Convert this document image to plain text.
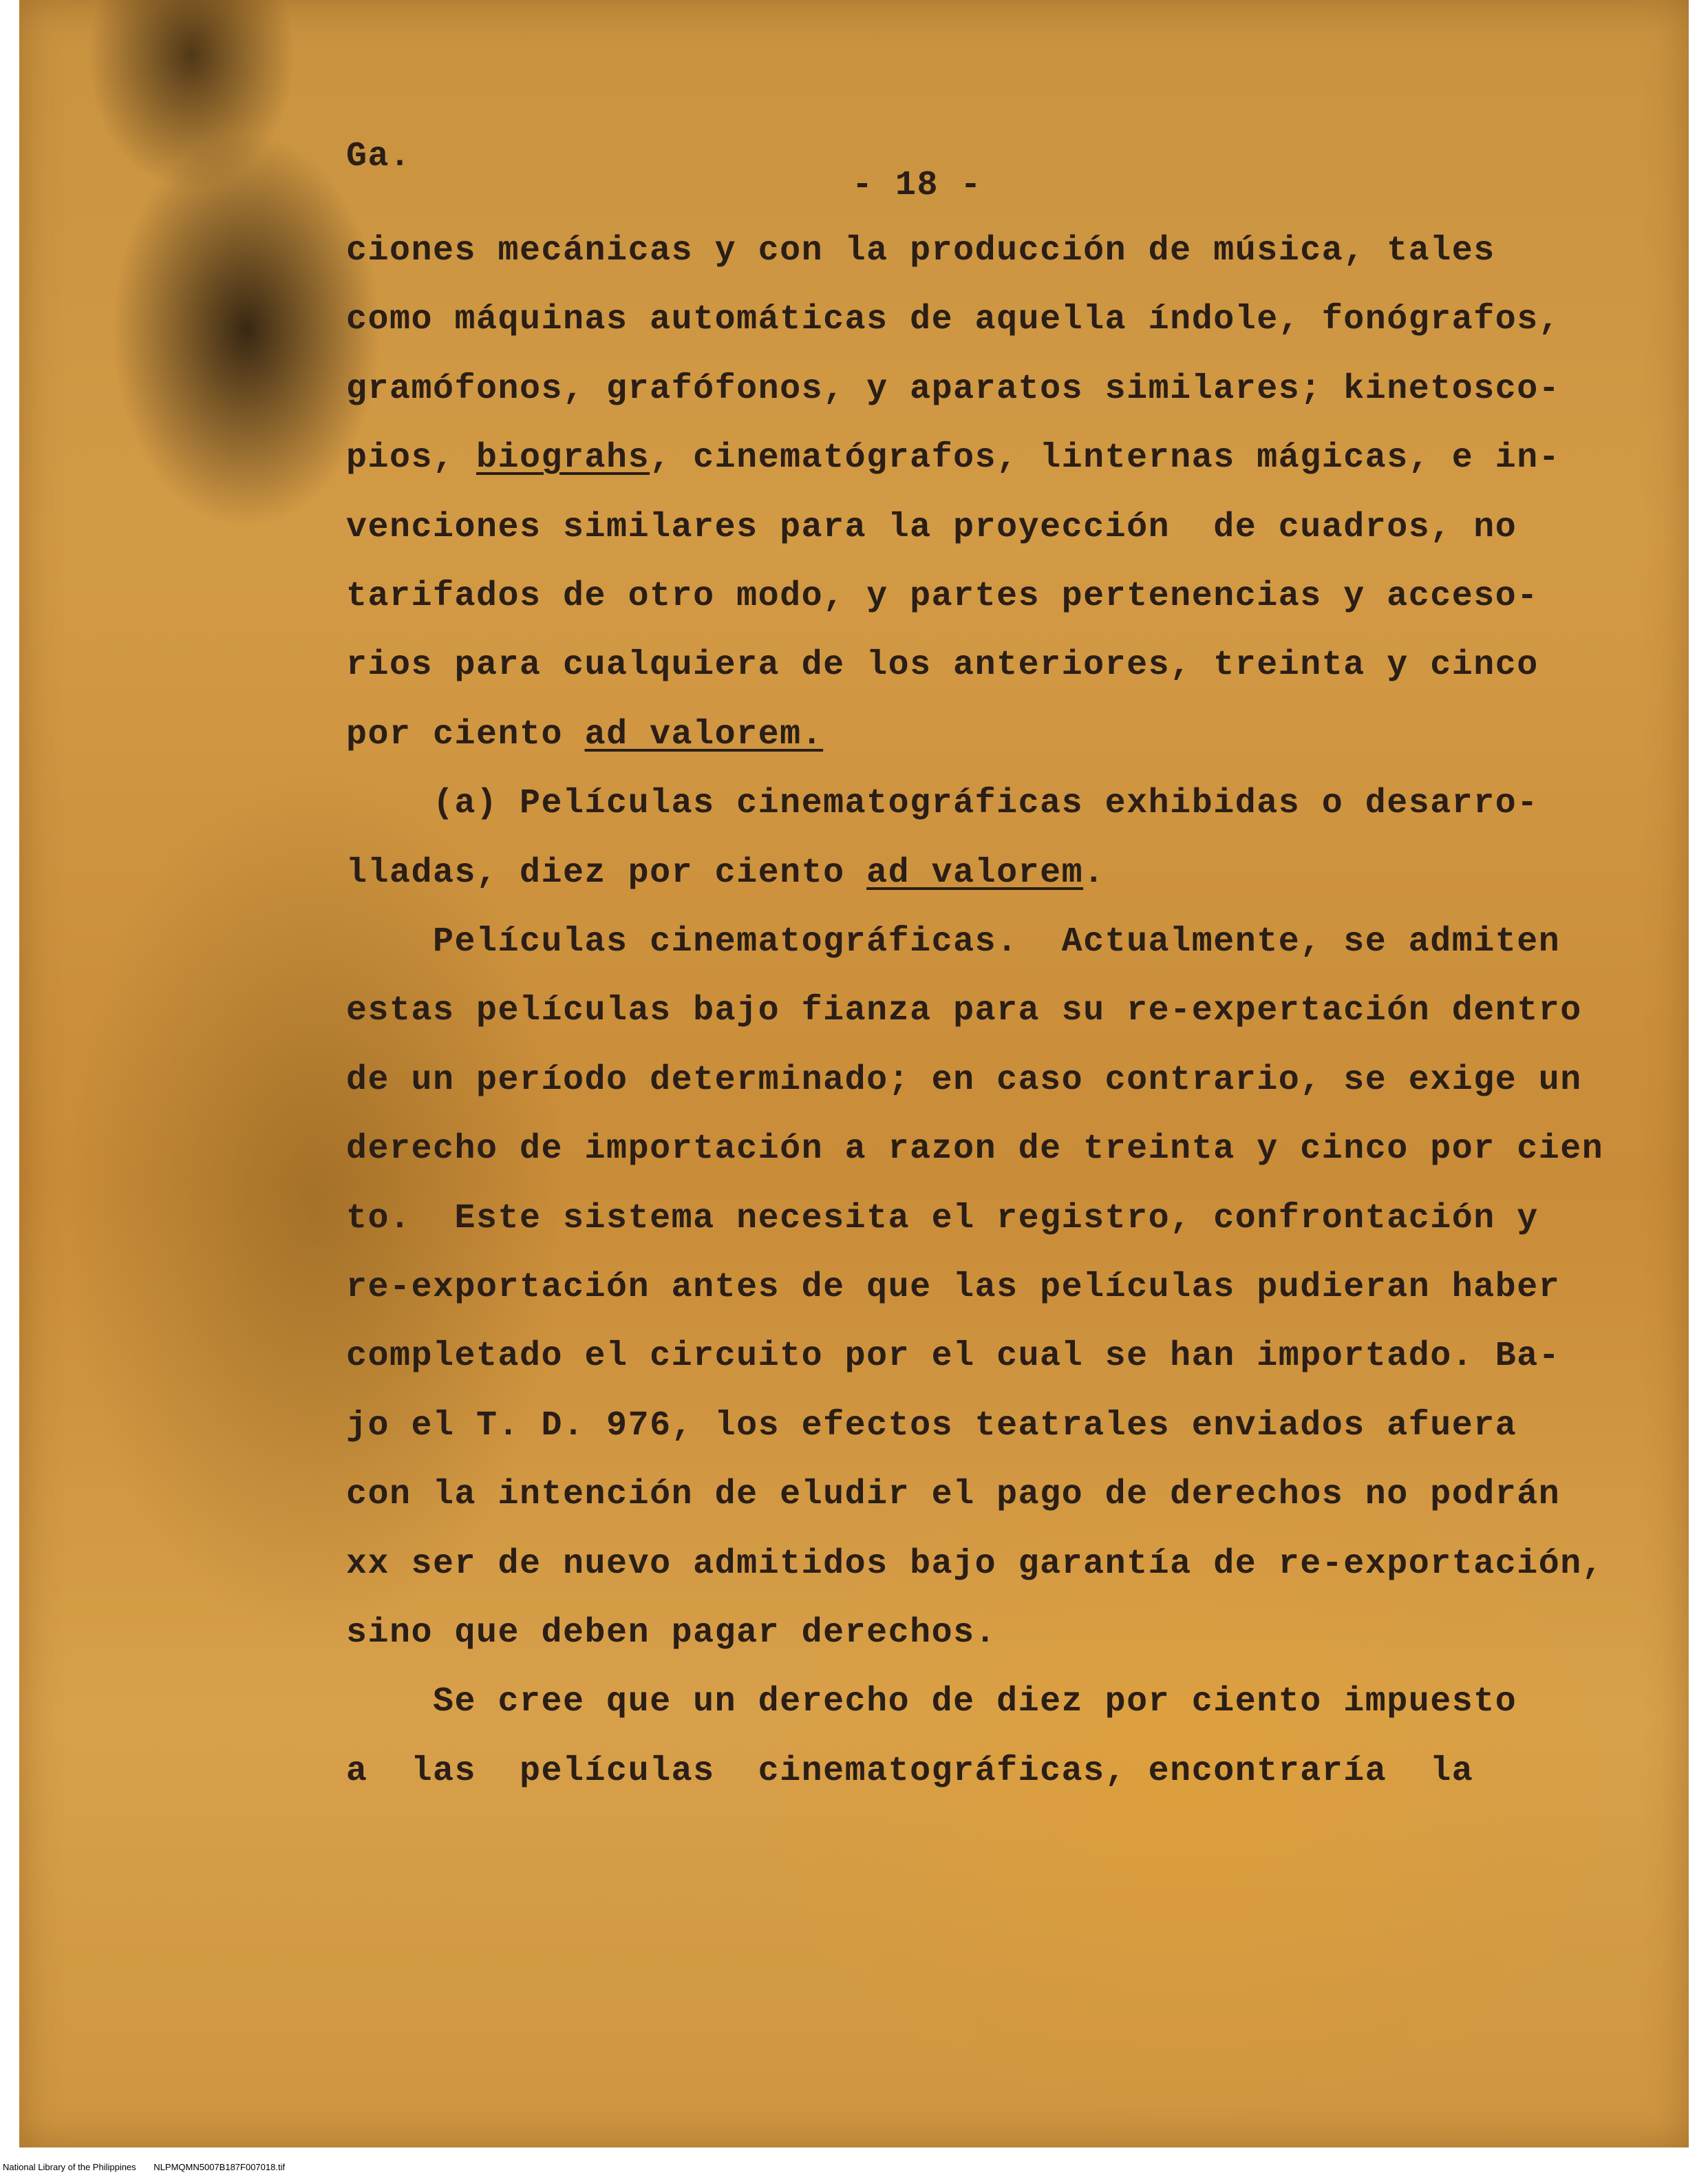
Ga.
- 18 -
ciones mecánicas y con la producción de música, tales
como máquinas automáticas de aquella índole, fonógrafos,
gramófonos, grafófonos, y aparatos similares; kinetosco-
pios, biograhs, cinematógrafos, linternas mágicas, e in-
venciones similares para la proyección  de cuadros, no
tarifados de otro modo, y partes pertenencias y acceso-
rios para cualquiera de los anteriores, treinta y cinco
por ciento ad valorem.
(a) Películas cinematográficas exhibidas o desarro-
lladas, diez por ciento ad valorem.
Películas cinematográficas.  Actualmente, se admiten
estas películas bajo fianza para su re-expertación dentro
de un período determinado; en caso contrario, se exige un
derecho de importación a razon de treinta y cinco por cien
to.  Este sistema necesita el registro, confrontación y
re-exportación antes de que las películas pudieran haber
completado el circuito por el cual se han importado. Ba-
jo el T. D. 976, los efectos teatrales enviados afuera
con la intención de eludir el pago de derechos no podrán
xx ser de nuevo admitidos bajo garantía de re-exportación,
sino que deben pagar derechos.
Se cree que un derecho de diez por ciento impuesto
a  las  películas  cinematográficas, encontraría  la
National Library of the Philippines NLPMQMN5007B187F007018.tif
